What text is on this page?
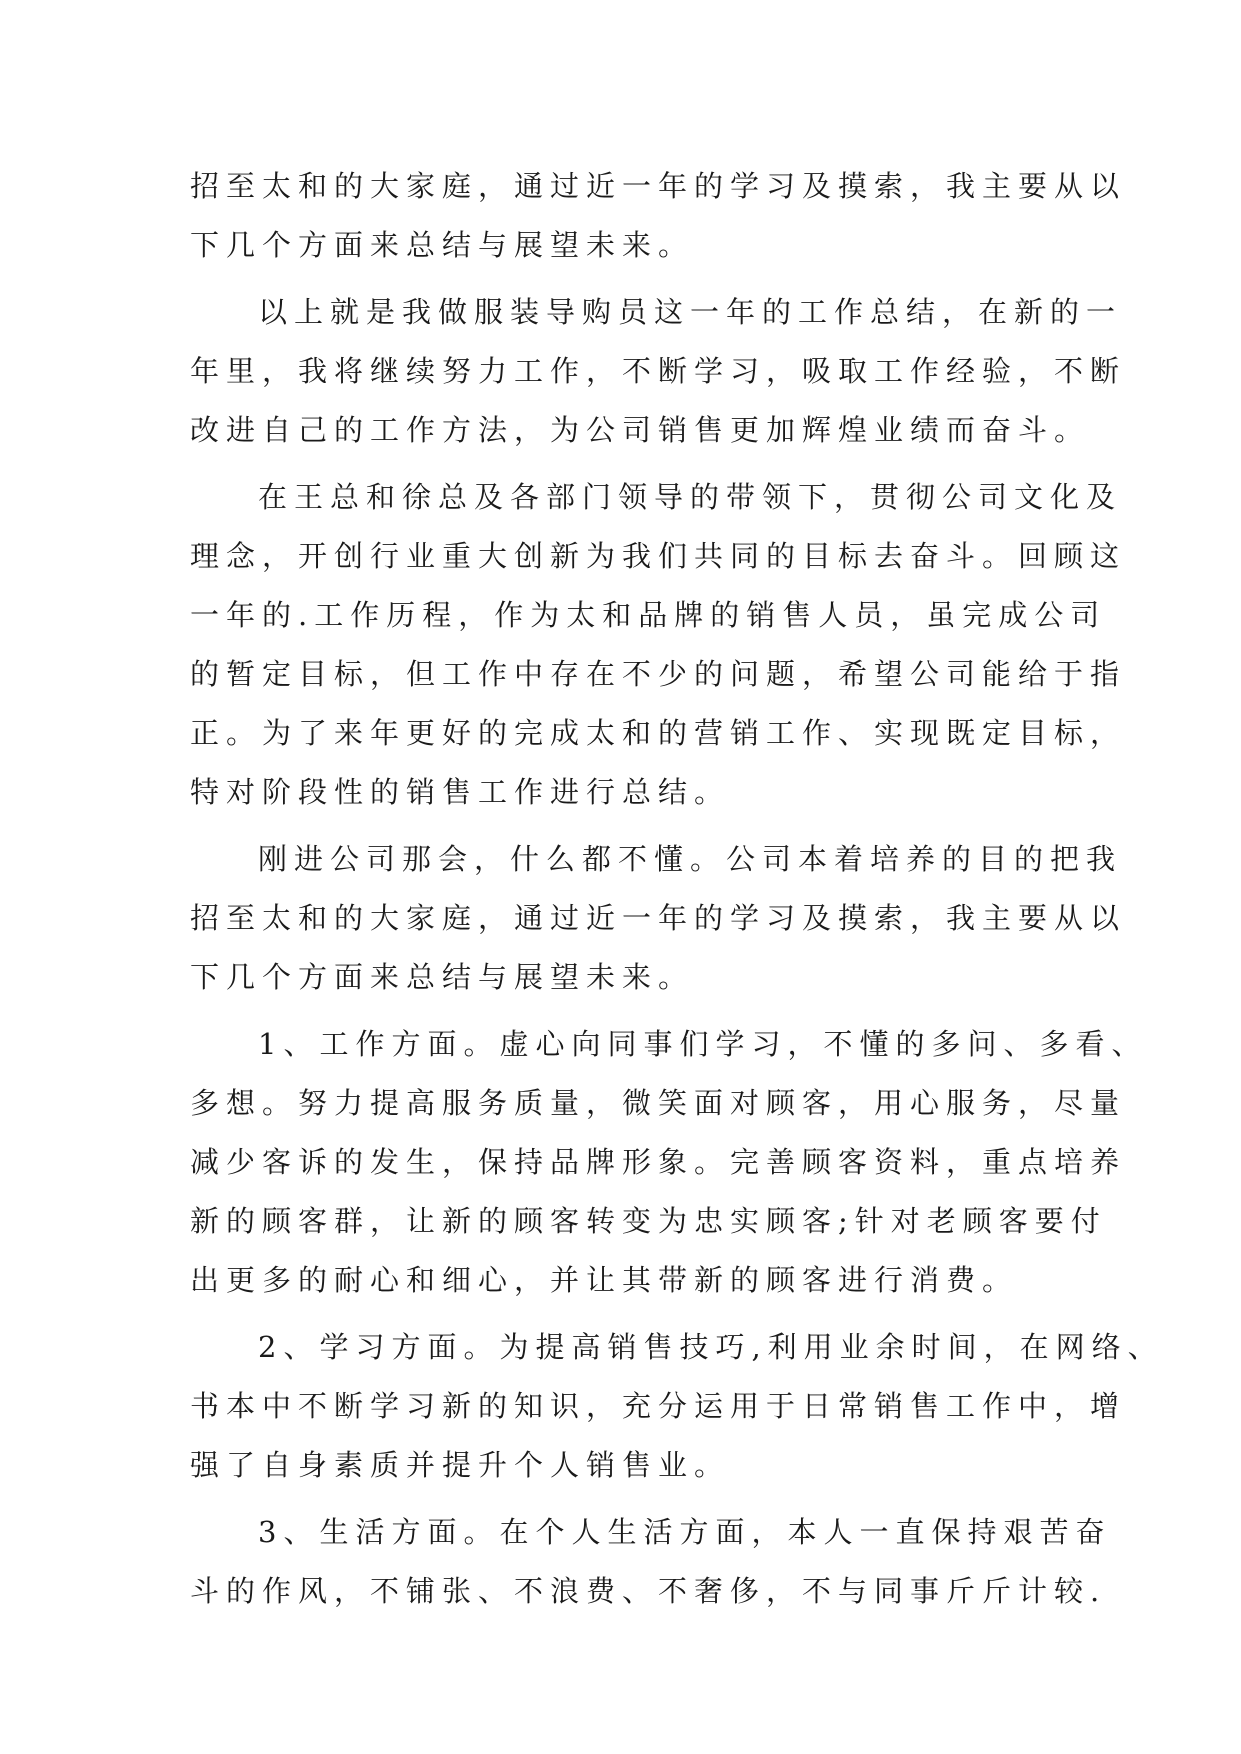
招至太和的大家庭，通过近一年的学习及摸索，我主要从以
下几个方面来总结与展望未来。
以上就是我做服装导购员这一年的工作总结，在新的一
年里，我将继续努力工作，不断学习，吸取工作经验，不断
改进自己的工作方法，为公司销售更加辉煌业绩而奋斗。
在王总和徐总及各部门领导的带领下，贯彻公司文化及
理念，开创行业重大创新为我们共同的目标去奋斗。回顾这
一年的.工作历程，作为太和品牌的销售人员，虽完成公司
的暂定目标，但工作中存在不少的问题，希望公司能给于指
正。为了来年更好的完成太和的营销工作、实现既定目标，
特对阶段性的销售工作进行总结。
刚进公司那会，什么都不懂。公司本着培养的目的把我
招至太和的大家庭，通过近一年的学习及摸索，我主要从以
下几个方面来总结与展望未来。
1、工作方面。虚心向同事们学习，不懂的多问、多看、
多想。努力提高服务质量，微笑面对顾客，用心服务，尽量
减少客诉的发生，保持品牌形象。完善顾客资料，重点培养
新的顾客群，让新的顾客转变为忠实顾客;针对老顾客要付
出更多的耐心和细心，并让其带新的顾客进行消费。
2、学习方面。为提高销售技巧,利用业余时间，在网络、
书本中不断学习新的知识，充分运用于日常销售工作中，增
强了自身素质并提升个人销售业。
3、生活方面。在个人生活方面，本人一直保持艰苦奋
斗的作风，不铺张、不浪费、不奢侈，不与同事斤斤计较.
